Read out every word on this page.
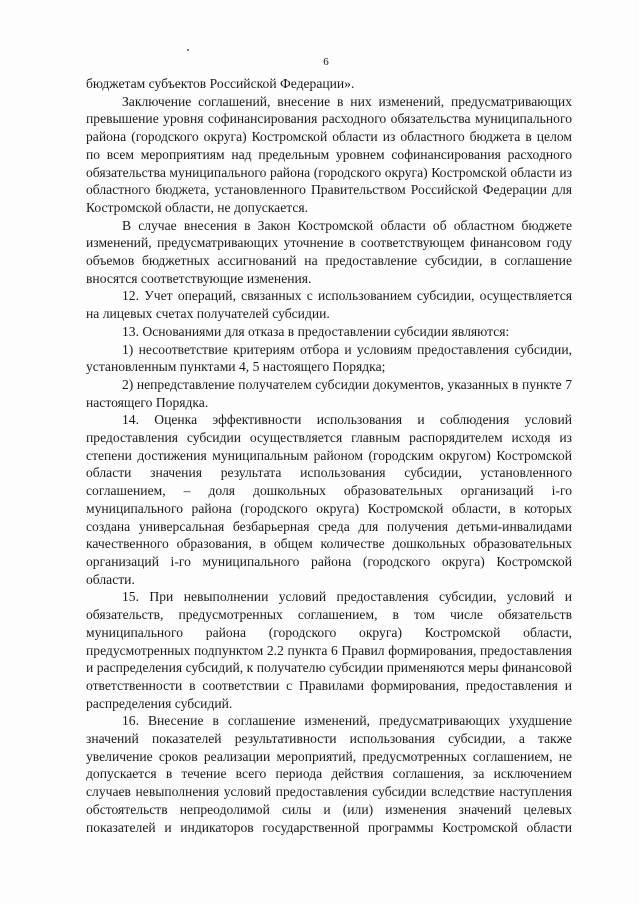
6

бюджетам субъектов Российской Федерации».

Заключение соглашений, внесение в них изменений, предусматривающих превышение уровня софинансирования расходного обязательства муниципального района (городского округа) Костромской области из областного бюджета в целом по всем мероприятиям над предельным уровнем софинансирования расходного обязательства муниципального района (городского округа) Костромской области из областного бюджета, установленного Правительством Российской Федерации для Костромской области, не допускается.

В случае внесения в Закон Костромской области об областном бюджете изменений, предусматривающих уточнение в соответствующем финансовом году объемов бюджетных ассигнований на предоставление субсидии, в соглашение вносятся соответствующие изменения.

12. Учет операций, связанных с использованием субсидии, осуществляется на лицевых счетах получателей субсидии.

13. Основаниями для отказа в предоставлении субсидии являются:

1) несоответствие критериям отбора и условиям предоставления субсидии, установленным пунктами 4, 5 настоящего Порядка;

2) непредставление получателем субсидии документов, указанных в пункте 7 настоящего Порядка.

14. Оценка эффективности использования и соблюдения условий предоставления субсидии осуществляется главным распорядителем исходя из степени достижения муниципальным районом (городским округом) Костромской области значения результата использования субсидии, установленного соглашением, – доля дошкольных образовательных организаций i-го муниципального района (городского округа) Костромской области, в которых создана универсальная безбарьерная среда для получения детьми-инвалидами качественного образования, в общем количестве дошкольных образовательных организаций i-го муниципального района (городского округа) Костромской области.

15. При невыполнении условий предоставления субсидии, условий и обязательств, предусмотренных соглашением, в том числе обязательств муниципального района (городского округа) Костромской области, предусмотренных подпунктом 2.2 пункта 6 Правил формирования, предоставления и распределения субсидий, к получателю субсидии применяются меры финансовой ответственности в соответствии с Правилами формирования, предоставления и распределения субсидий.

16. Внесение в соглашение изменений, предусматривающих ухудшение значений показателей результативности использования субсидии, а также увеличение сроков реализации мероприятий, предусмотренных соглашением, не допускается в течение всего периода действия соглашения, за исключением случаев невыполнения условий предоставления субсидии вследствие наступления обстоятельств непреодолимой силы и (или) изменения значений целевых показателей и индикаторов государственной программы Костромской области
